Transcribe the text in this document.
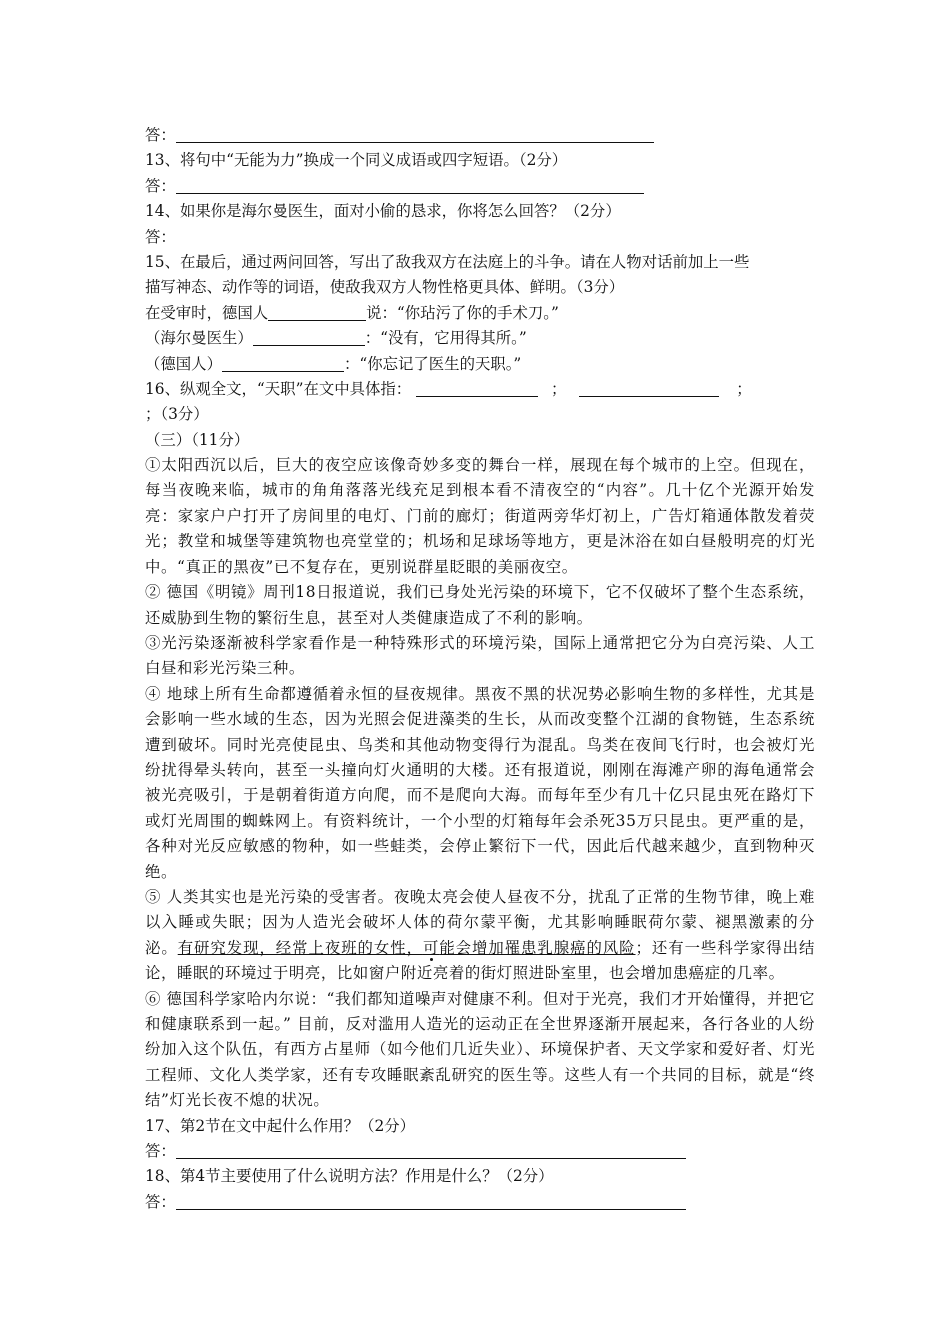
答：
13、将句中“无能为力”换成一个同义成语或四字短语。（2分）
答：
14、如果你是海尔曼医生，面对小偷的恳求，你将怎么回答？（2分）
答：
15、在最后，通过两问回答，写出了敌我双方在法庭上的斗争。请在人物对话前加上一些
描写神态、动作等的词语，使敌我双方人物性格更具体、鲜明。（3分）
在受审时，德国人	说：“你玷污了你的手术刀。”
（海尔曼医生）	：“没有，它用得其所。”
（德国人）	：“你忘记了医生的天职。”
16、纵观全文，“天职”在文中具体指：	；	；
；（3分）
（三）（11分）
①太阳西沉以后，巨大的夜空应该像奇妙多变的舞台一样，展现在每个城市的上空。但现在，每当夜晚来临，城市的角角落落光线充足到根本看不清夜空的“内容”。几十亿个光源开始发亮：家家户户打开了房间里的电灯、门前的廊灯；街道两旁华灯初上，广告灯箱通体散发着荧光；教堂和城堡等建筑物也亮堂堂的；机场和足球场等地方，更是沐浴在如白昼般明亮的灯光中。“真正的黑夜”已不复存在，更别说群星眨眼的美丽夜空。
② 德国《明镜》周刊18日报道说，我们已身处光污染的环境下，它不仅破坏了整个生态系统，还威胁到生物的繁衍生息，甚至对人类健康造成了不利的影响。
③光污染逐渐被科学家看作是一种特殊形式的环境污染，国际上通常把它分为白亮污染、人工白昼和彩光污染三种。
④ 地球上所有生命都遵循着永恒的昼夜规律。黑夜不黑的状况势必影响生物的多样性，尤其是会影响一些水域的生态，因为光照会促进藻类的生长，从而改变整个江湖的食物链，生态系统遭到破坏。同时光亮使昆虫、鸟类和其他动物变得行为混乱。鸟类在夜间飞行时，也会被灯光纷扰得晕头转向，甚至一头撞向灯火通明的大楼。还有报道说，刚刚在海滩产卵的海龟通常会被光亮吸引，于是朝着街道方向爬，而不是爬向大海。而每年至少有几十亿只昆虫死在路灯下或灯光周围的蜘蛛网上。有资料统计，一个小型的灯箱每年会杀死35万只昆虫。更严重的是，各种对光反应敏感的物种，如一些蛙类，会停止繁衍下一代，因此后代越来越少，直到物种灭绝。
⑤ 人类其实也是光污染的受害者。夜晚太亮会使人昼夜不分，扰乱了正常的生物节律，晚上难以入睡或失眠；因为人造光会破坏人体的荷尔蒙平衡，尤其影响睡眠荷尔蒙、褪黑激素的分泌。有研究发现，经常上夜班的女性，可能会增加罹患乳腺癌的风险；还有一些科学家得出结论，睡眠的环境过于明亮，比如窗户附近亮着的街灯照进卧室里，也会增加患癌症的几率。
⑥ 德国科学家哈内尔说：“我们都知道噪声对健康不利。但对于光亮，我们才开始懂得，并把它和健康联系到一起。” 目前，反对滥用人造光的运动正在全世界逐渐开展起来，各行各业的人纷纷加入这个队伍，有西方占星师（如今他们几近失业）、环境保护者、天文学家和爱好者、灯光工程师、文化人类学家，还有专攻睡眠紊乱研究的医生等。这些人有一个共同的目标，就是“终结”灯光长夜不熄的状况。
17、第2节在文中起什么作用？（2分）
答：
18、第4节主要使用了什么说明方法？作用是什么？（2分）
答：
